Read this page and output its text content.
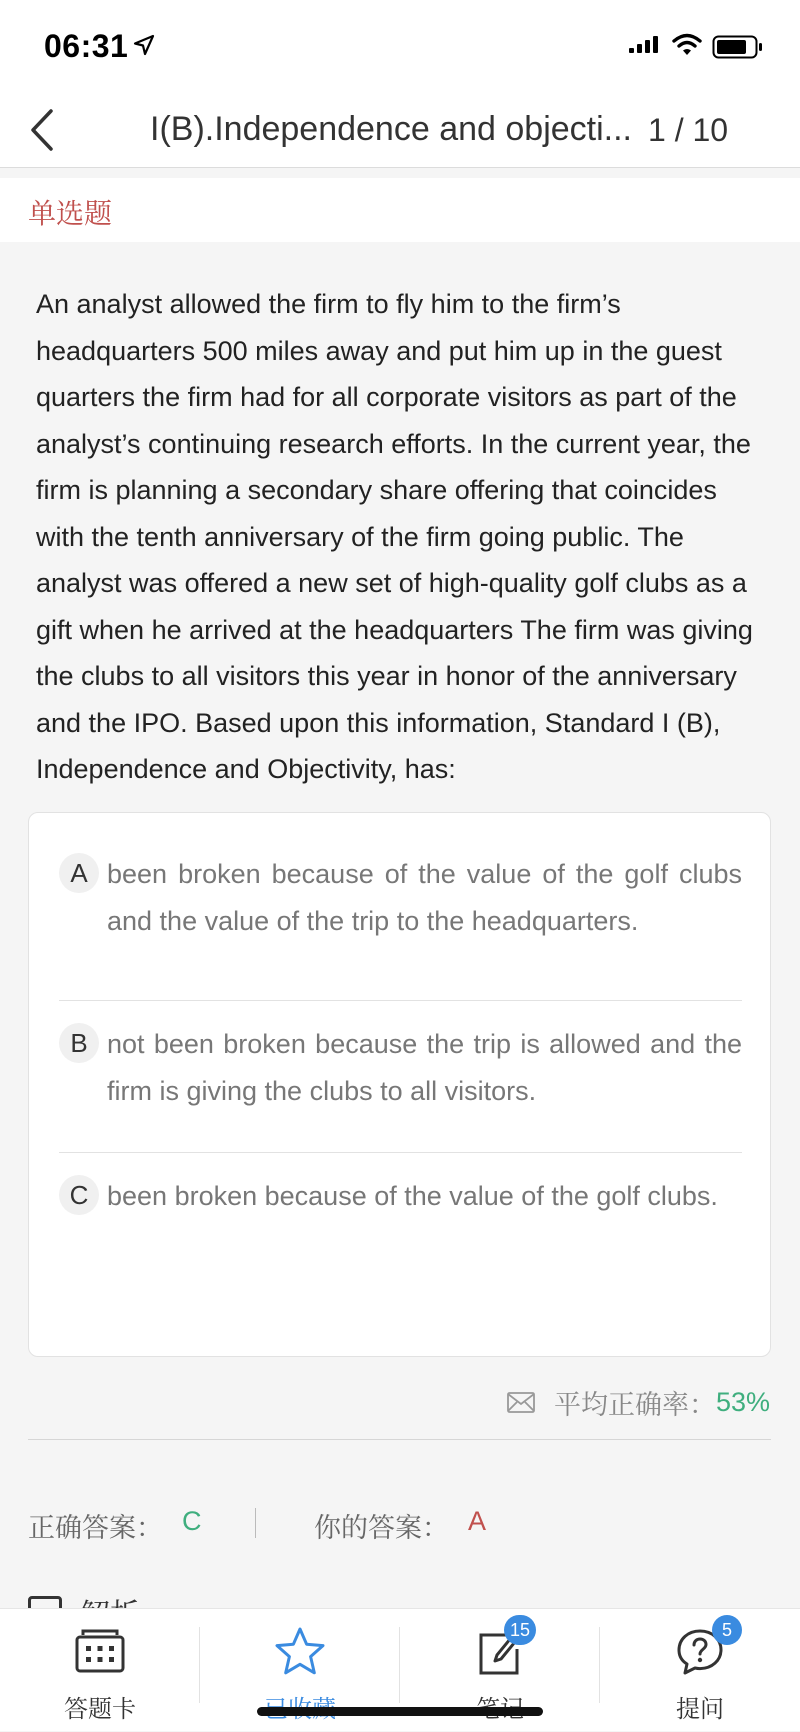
06:31
I(B).Independence and objecti... 1 / 10
单选题
An analyst allowed the firm to fly him to the firm’s headquarters 500 miles away and put him up in the guest quarters the firm had for all corporate visitors as part of the analyst’s continuing research efforts. In the current year, the firm is planning a secondary share offering that coincides with the tenth anniversary of the firm going public. The analyst was offered a new set of high-quality golf clubs as a gift when he arrived at the headquarters The firm was giving the clubs to all visitors this year in honor of the anniversary and the IPO. Based upon this information, Standard I (B), Independence and Objectivity, has:
A been broken because of the value of the golf clubs and the value of the trip to the headquarters.
B not been broken because the trip is allowed and the firm is giving the clubs to all visitors.
C been broken because of the value of the golf clubs.
平均正确率： 53%
正确答案： C	你的答案： A
答题卡
15	5
提问
